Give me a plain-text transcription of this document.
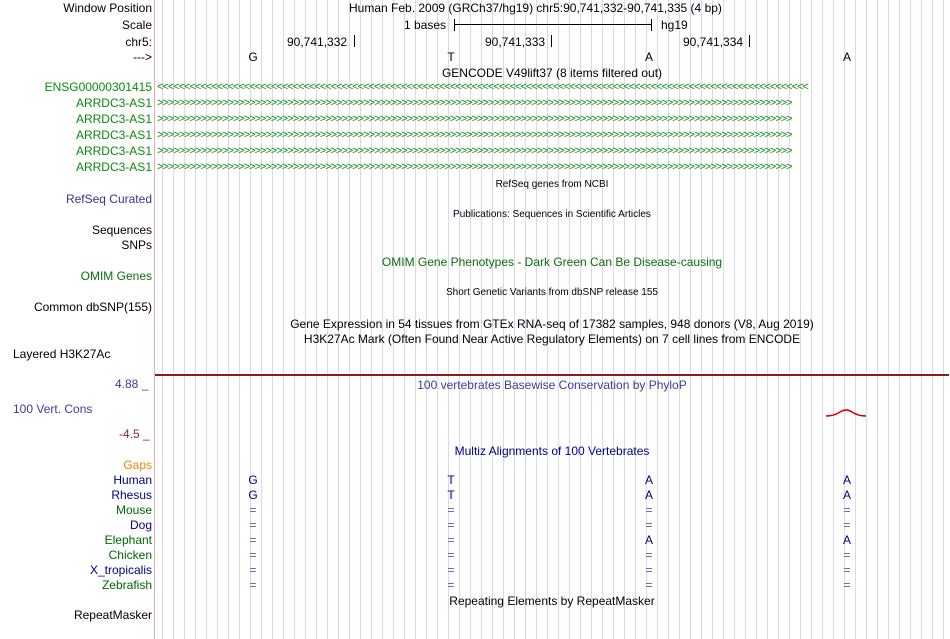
Window Position	Human Feb. 2009 (GRCh37/hg19) chr5:90,741,332-90,741,335 (4 bp)
Scale	1 bases	hg19
chr5:	90,741,332	90,741,333	90,741,334
--->	G	T	A	A
GENCODE V49lift37 (8 items filtered out)
ENSG00000301415 <<<<<<<<<<<<<<<<<<<<<<<<<<<<<<<<<<<<<<<<<<<<<<<<<<<<<<<<<<<<<<<<<<<<<<<<<<<<<<<<<<<<<<<<<<<<<<<<<<<<<<<<<<<<<<<<<<<<<<<<
ARRDC3-AS1 >>>>>>>>>>>>>>>>>>>>>>>>>>>>>>>>>>>>>>>>>>>>>>>>>>>>>>>>>>>>>>>>>>>>>>>>>>>>>>>>>>>>>>>>>>>>>>>>>>>>>>>>>>>>>>>>>>>>>
ARRDC3-AS1 >>>>>>>>>>>>>>>>>>>>>>>>>>>>>>>>>>>>>>>>>>>>>>>>>>>>>>>>>>>>>>>>>>>>>>>>>>>>>>>>>>>>>>>>>>>>>>>>>>>>>>>>>>>>>>>>>>>>>
ARRDC3-AS1 >>>>>>>>>>>>>>>>>>>>>>>>>>>>>>>>>>>>>>>>>>>>>>>>>>>>>>>>>>>>>>>>>>>>>>>>>>>>>>>>>>>>>>>>>>>>>>>>>>>>>>>>>>>>>>>>>>>>>
ARRDC3-AS1 >>>>>>>>>>>>>>>>>>>>>>>>>>>>>>>>>>>>>>>>>>>>>>>>>>>>>>>>>>>>>>>>>>>>>>>>>>>>>>>>>>>>>>>>>>>>>>>>>>>>>>>>>>>>>>>>>>>>>
ARRDC3-AS1 >>>>>>>>>>>>>>>>>>>>>>>>>>>>>>>>>>>>>>>>>>>>>>>>>>>>>>>>>>>>>>>>>>>>>>>>>>>>>>>>>>>>>>>>>>>>>>>>>>>>>>>>>>>>>>>>>>>>>
RefSeq genes from NCBI
RefSeq Curated
Publications: Sequences in Scientific Articles
Sequences
SNPs
OMIM Gene Phenotypes - Dark Green Can Be Disease-causing
OMIM Genes
Short Genetic Variants from dbSNP release 155
Common dbSNP(155)
Gene Expression in 54 tissues from GTEx RNA-seq of 17382 samples, 948 donors (V8, Aug 2019)
H3K27Ac Mark (Often Found Near Active Regulatory Elements) on 7 cell lines from ENCODE
Layered H3K27Ac
4.88 _	100 vertebrates Basewise Conservation by PhyloP
100 Vert. Cons
-4.5 _
Multiz Alignments of 100 Vertebrates
Gaps
Human	G	T	A	A
Rhesus	G	T	A	A
Mouse	=	=	=	=
Dog	=	=	=	=
Elephant	=	=	A	A
Chicken	=	=	=	=
X_tropicalis	=	=	=	=
Zebrafish	=	=	=	=
Repeating Elements by RepeatMasker
RepeatMasker
